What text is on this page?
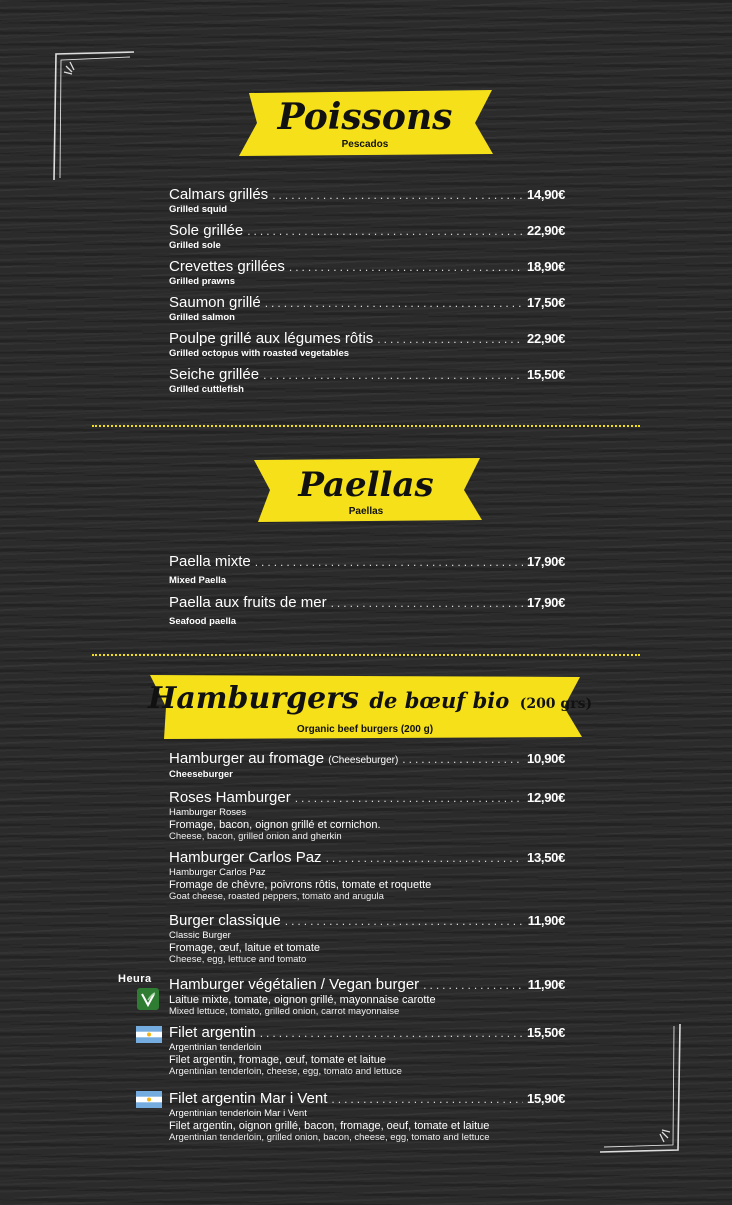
Poissons
Pescados
Calmars grillés .....	14,90€
Grilled squid
Sole grillée .....	22,90€
Grilled sole
Crevettes grillées .....	18,90€
Grilled prawns
Saumon grillé .....	17,50€
Grilled salmon
Poulpe grillé aux légumes rôtis .....	22,90€
Grilled octopus with roasted vegetables
Seiche grillée .....	15,50€
Grilled cuttlefish
Paellas
Paellas
Paella mixte .....	17,90€
Mixed Paella
Paella aux fruits de mer .....	17,90€
Seafood paella
Hamburgers de bœuf bio (200 grs)
Organic beef burgers (200 g)
Hamburger au fromage (Cheeseburger) .....	10,90€
Cheeseburger
Roses Hamburger .....	12,90€
Hamburger Roses
Fromage, bacon, oignon grillé et cornichon.
Cheese, bacon, grilled onion and gherkin
Hamburger Carlos Paz .....	13,50€
Hamburger Carlos Paz
Fromage de chèvre, poivrons rôtis, tomate et roquette
Goat cheese, roasted peppers, tomato and arugula
Burger classique .....	11,90€
Classic Burger
Fromage, œuf, laitue et tomate
Cheese, egg, lettuce and tomato
Heura Hamburger végétalien / Vegan burger .....	11,90€
Laitue mixte, tomate, oignon grillé, mayonnaise carotte
Mixed lettuce, tomato, grilled onion, carrot mayonnaise
Filet argentin .....	15,50€
Argentinian tenderloin
Filet argentin, fromage, œuf, tomate et laitue
Argentinian tenderloin, cheese, egg, tomato and lettuce
Filet argentin Mar i Vent .....	15,90€
Argentinian tenderloin Mar i Vent
Filet argentin, oignon grillé, bacon, fromage, oeuf, tomate et laitue
Argentinian tenderloin, grilled onion, bacon, cheese, egg, tomato and lettuce
